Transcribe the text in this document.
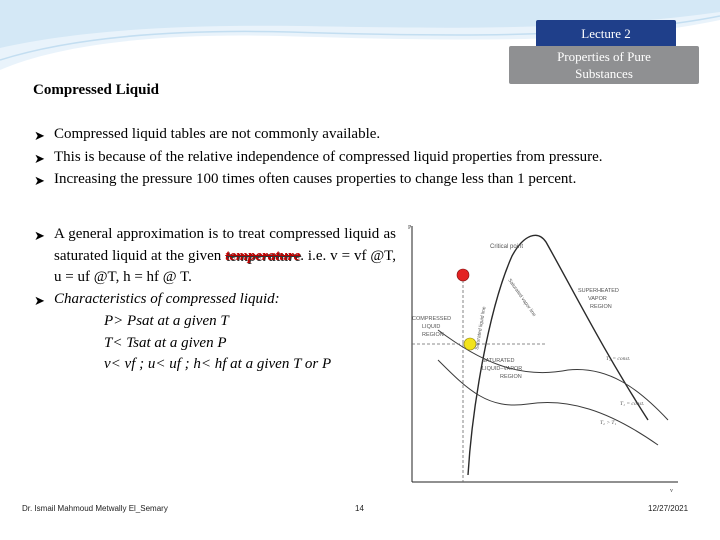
Lecture 2
Properties of Pure
Substances
Compressed Liquid
➤ Compressed liquid tables are not commonly available.
➤ This is because of the relative independence of compressed liquid properties from pressure.
➤ Increasing the pressure 100 times often causes properties to change less than 1 percent.
➤ A general approximation is to treat compressed liquid as saturated liquid at the given temperature. i.e. v = vf @T, u = uf @T, h = hf @ T.
➤ Characteristics of compressed liquid:
P> Psat at a given T
T< Tsat at a given P
v< vf ; u< uf ; h< hf at a given T or P
P
v
Critical point
COMPRESSED
LIQUID
REGION
SUPERHEATED
VAPOR
REGION
SATURATED
LIQUID–VAPOR
REGION
Saturated liquid line
Saturated vapor line
T₂ = const.
T₁ = const.
T₂ > T₁
Dr. Ismail Mahmoud Metwally El_Semary	14	12/27/2021
